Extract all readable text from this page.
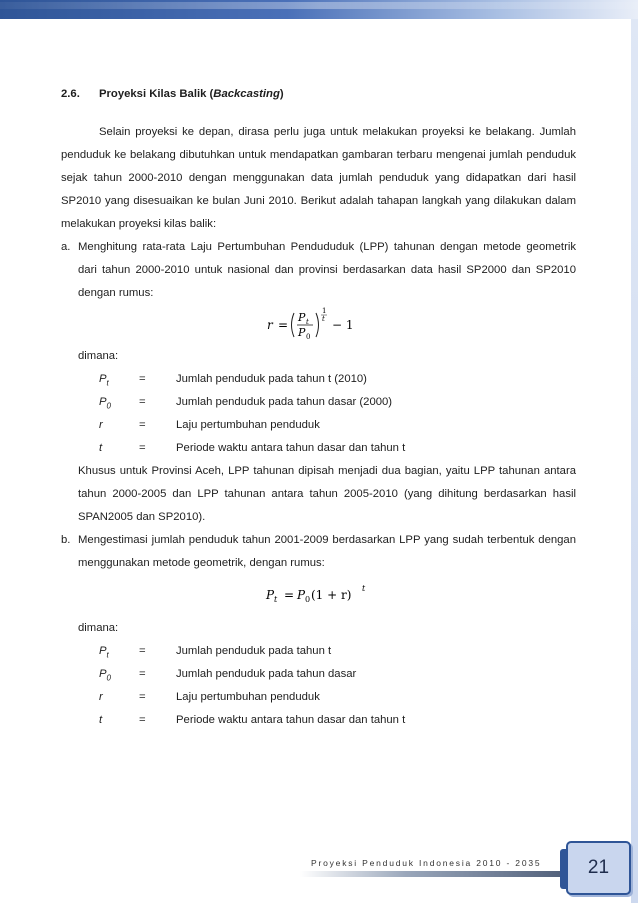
2.6.	Proyeksi Kilas Balik (Backcasting)

Selain proyeksi ke depan, dirasa perlu juga untuk melakukan proyeksi ke belakang. Jumlah penduduk ke belakang dibutuhkan untuk mendapatkan gambaran terbaru mengenai jumlah penduduk sejak tahun 2000-2010 dengan menggunakan data jumlah penduduk yang didapatkan dari hasil SP2010 yang disesuaikan ke bulan Juni 2010. Berikut adalah tahapan langkah yang dilakukan dalam melakukan proyeksi kilas balik:

a. Menghitung rata-rata Laju Pertumbuhan Pendududuk (LPP) tahunan dengan metode geometrik dari tahun 2000-2010 untuk nasional dan provinsi berdasarkan data hasil SP2000 dan SP2010 dengan rumus:
r =
P t
P 0
1
t − 1
dimana:
$P_t$	=	Jumlah penduduk pada tahun t (2010)
$P_0$	=	Jumlah penduduk pada tahun dasar (2000)
r	=	Laju pertumbuhan penduduk
t	=	Periode waktu antara tahun dasar dan tahun t

Khusus untuk Provinsi Aceh, LPP tahunan dipisah menjadi dua bagian, yaitu LPP tahunan antara tahun 2000-2005 dan LPP tahunan antara tahun 2005-2010 (yang dihitung berdasarkan hasil SPAN2005 dan SP2010).

b. Mengestimasi jumlah penduduk tahun 2001-2009 berdasarkan LPP yang sudah terbentuk dengan menggunakan metode geometrik, dengan rumus:
P t = P 0 (1 + r) t
dimana:
$P_t$	=	Jumlah penduduk pada tahun t
$P_0$	=	Jumlah penduduk pada tahun dasar
r	=	Laju pertumbuhan penduduk
t	=	Periode waktu antara tahun dasar dan tahun t
Proyeksi Penduduk Indonesia 2010 - 2035	21
